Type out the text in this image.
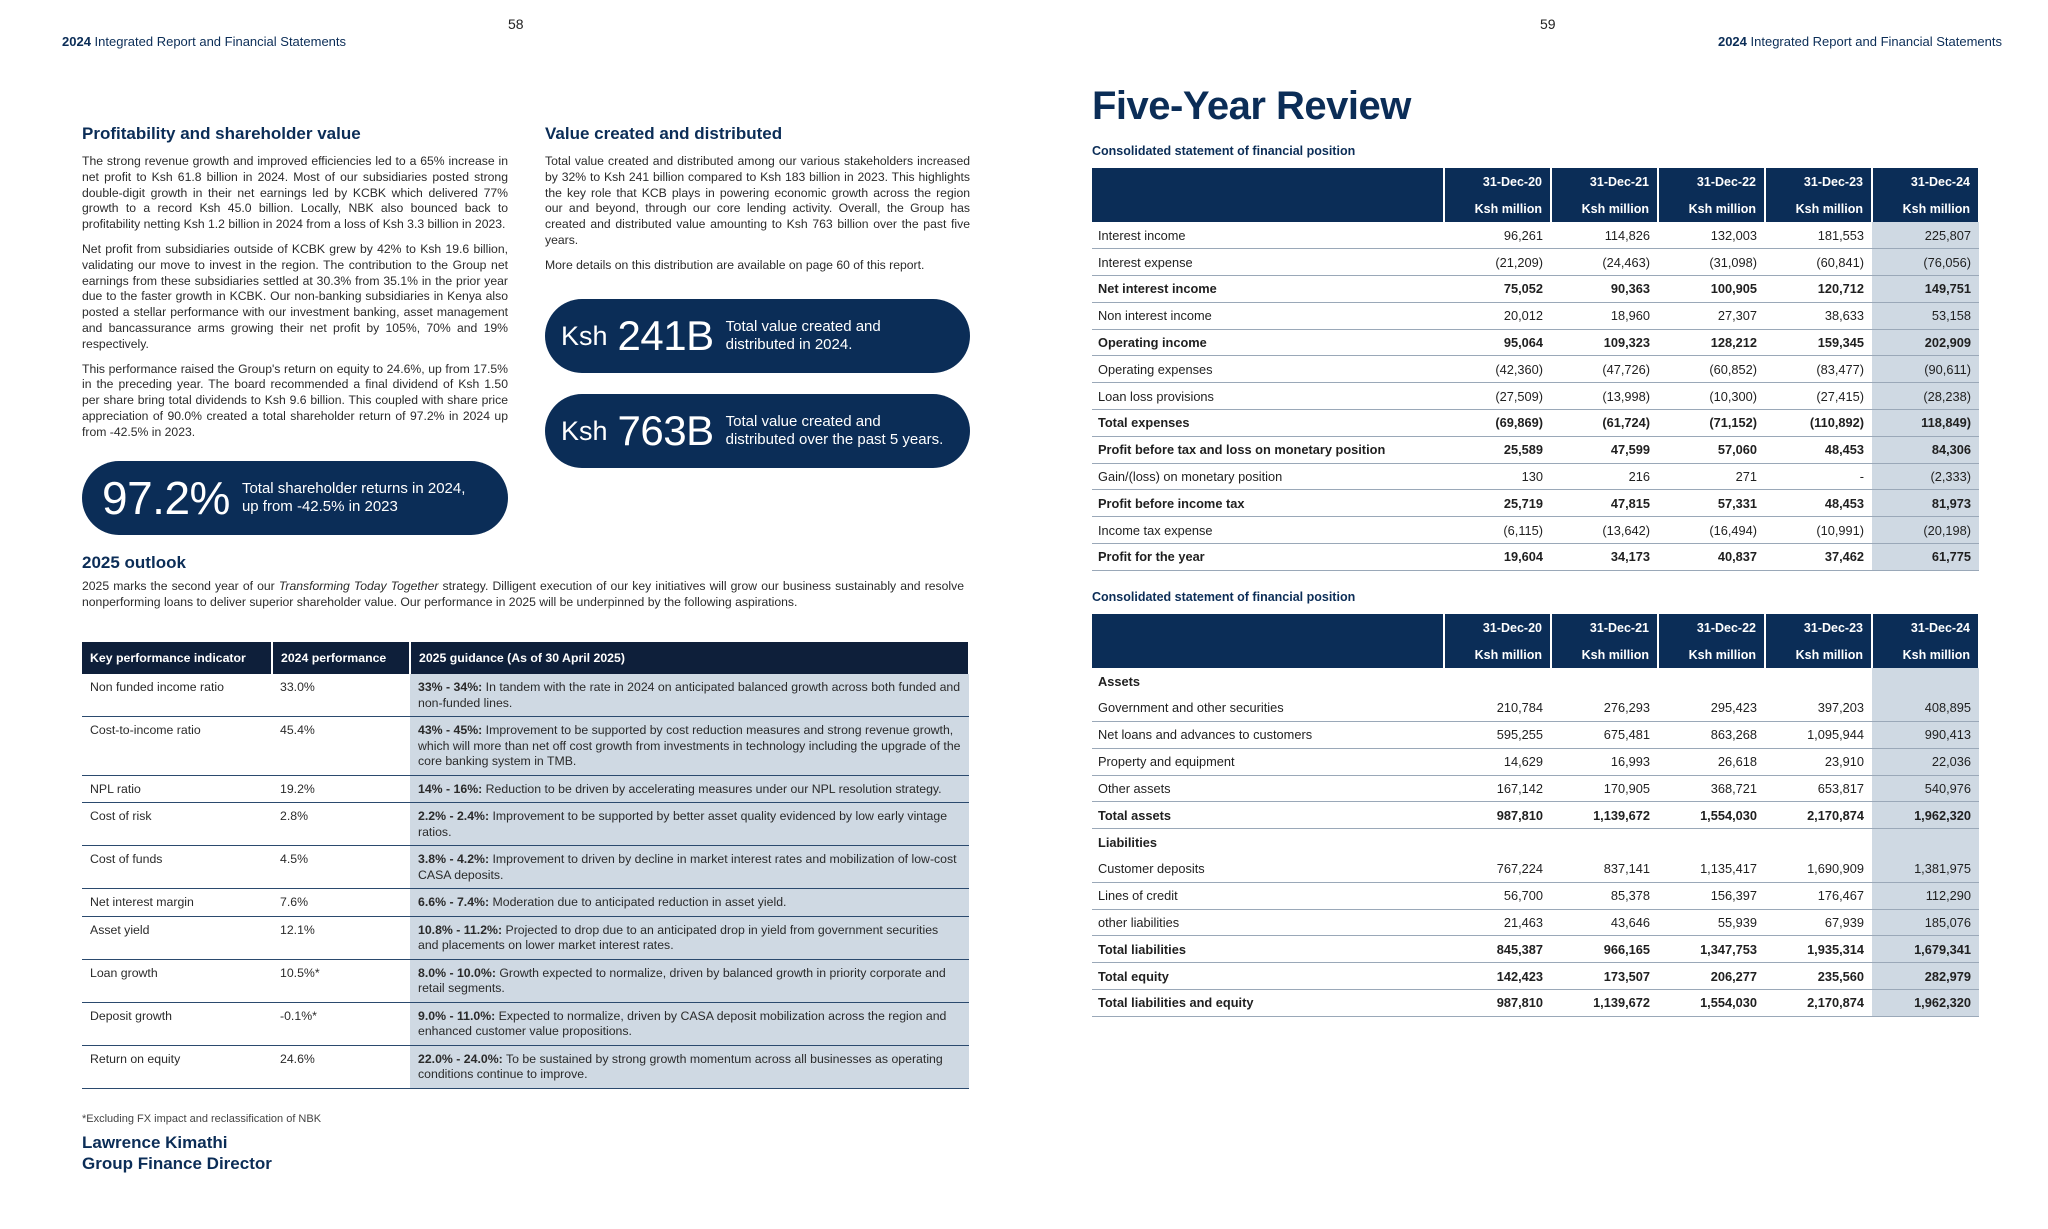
58
2024 Integrated Report and Financial Statements
Profitability and shareholder value

The strong revenue growth and improved efficiencies led to a 65% increase in net profit to Ksh 61.8 billion in 2024. Most of our subsidiaries posted strong double-digit growth in their net earnings led by KCBK which delivered 77% growth to a record Ksh 45.0 billion. Locally, NBK also bounced back to profitability netting Ksh 1.2 billion in 2024 from a loss of Ksh 3.3 billion in 2023.

Net profit from subsidiaries outside of KCBK grew by 42% to Ksh 19.6 billion, validating our move to invest in the region. The contribution to the Group net earnings from these subsidiaries settled at 30.3% from 35.1% in the prior year due to the faster growth in KCBK. Our non-banking subsidiaries in Kenya also posted a stellar performance with our investment banking, asset management and bancassurance arms growing their net profit by 105%, 70% and 19% respectively.

This performance raised the Group's return on equity to 24.6%, up from 17.5% in the preceding year. The board recommended a final dividend of Ksh 1.50 per share bring total dividends to Ksh 9.6 billion. This coupled with share price appreciation of 90.0% created a total shareholder return of 97.2% in 2024 up from -42.5% in 2023.

97.2% Total shareholder returns in 2024,
up from -42.5% in 2023
Value created and distributed

Total value created and distributed among our various stakeholders increased by 32% to Ksh 241 billion compared to Ksh 183 billion in 2023. This highlights the key role that KCB plays in powering economic growth across the region our and beyond, through our core lending activity. Overall, the Group has created and distributed value amounting to Ksh 763 billion over the past five years.

More details on this distribution are available on page 60 of this report.

Ksh 241B Total value created and
distributed in 2024.
Ksh 763B Total value created and
distributed over the past 5 years.
2025 outlook

2025 marks the second year of our Transforming Today Together strategy. Dilligent execution of our key initiatives will grow our business sustainably and resolve nonperforming loans to deliver superior shareholder value. Our performance in 2025 will be underpinned by the following aspirations.

Key performance indicator	2024 performance	2025 guidance (As of 30 April 2025)
Non funded income ratio	33.0%	33% - 34%: In tandem with the rate in 2024 on anticipated balanced growth across both funded and non-funded lines.
Cost-to-income ratio	45.4%	43% - 45%: Improvement to be supported by cost reduction measures and strong revenue growth, which will more than net off cost growth from investments in technology including the upgrade of the core banking system in TMB.
NPL ratio	19.2%	14% - 16%: Reduction to be driven by accelerating measures under our NPL resolution strategy.
Cost of risk	2.8%	2.2% - 2.4%: Improvement to be supported by better asset quality evidenced by low early vintage ratios.
Cost of funds	4.5%	3.8% - 4.2%: Improvement to driven by decline in market interest rates and mobilization of low-cost CASA deposits.
Net interest margin	7.6%	6.6% - 7.4%: Moderation due to anticipated reduction in asset yield.
Asset yield	12.1%	10.8% - 11.2%: Projected to drop due to an anticipated drop in yield from government securities and placements on lower market interest rates.
Loan growth	10.5%*	8.0% - 10.0%: Growth expected to normalize, driven by balanced growth in priority corporate and retail segments.
Deposit growth	-0.1%*	9.0% - 11.0%: Expected to normalize, driven by CASA deposit mobilization across the region and enhanced customer value propositions.
Return on equity	24.6%	22.0% - 24.0%: To be sustained by strong growth momentum across all businesses as operating conditions continue to improve.
*Excluding FX impact and reclassification of NBK
Lawrence Kimathi
Group Finance Director
59
2024 Integrated Report and Financial Statements
Five-Year Review
Consolidated statement of financial position
	31-Dec-20	31-Dec-21	31-Dec-22	31-Dec-23	31-Dec-24
	Ksh million	Ksh million	Ksh million	Ksh million	Ksh million
Interest income	96,261	114,826	132,003	181,553	225,807
Interest expense	(21,209)	(24,463)	(31,098)	(60,841)	(76,056)
Net interest income	75,052	90,363	100,905	120,712	149,751
Non interest income	20,012	18,960	27,307	38,633	53,158
Operating income	95,064	109,323	128,212	159,345	202,909
Operating expenses	(42,360)	(47,726)	(60,852)	(83,477)	(90,611)
Loan loss provisions	(27,509)	(13,998)	(10,300)	(27,415)	(28,238)
Total expenses	(69,869)	(61,724)	(71,152)	(110,892)	118,849)
Profit before tax and loss on monetary position	25,589	47,599	57,060	48,453	84,306
Gain/(loss) on monetary position	130	216	271	-	(2,333)
Profit before income tax	25,719	47,815	57,331	48,453	81,973
Income tax expense	(6,115)	(13,642)	(16,494)	(10,991)	(20,198)
Profit for the year	19,604	34,173	40,837	37,462	61,775
Consolidated statement of financial position
	31-Dec-20	31-Dec-21	31-Dec-22	31-Dec-23	31-Dec-24
	Ksh million	Ksh million	Ksh million	Ksh million	Ksh million
Assets					
Government and other securities	210,784	276,293	295,423	397,203	408,895
Net loans and advances to customers	595,255	675,481	863,268	1,095,944	990,413
Property and equipment	14,629	16,993	26,618	23,910	22,036
Other assets	167,142	170,905	368,721	653,817	540,976
Total assets	987,810	1,139,672	1,554,030	2,170,874	1,962,320
Liabilities					
Customer deposits	767,224	837,141	1,135,417	1,690,909	1,381,975
Lines of credit	56,700	85,378	156,397	176,467	112,290
other liabilities	21,463	43,646	55,939	67,939	185,076
Total liabilities	845,387	966,165	1,347,753	1,935,314	1,679,341
Total equity	142,423	173,507	206,277	235,560	282,979
Total liabilities and equity	987,810	1,139,672	1,554,030	2,170,874	1,962,320
